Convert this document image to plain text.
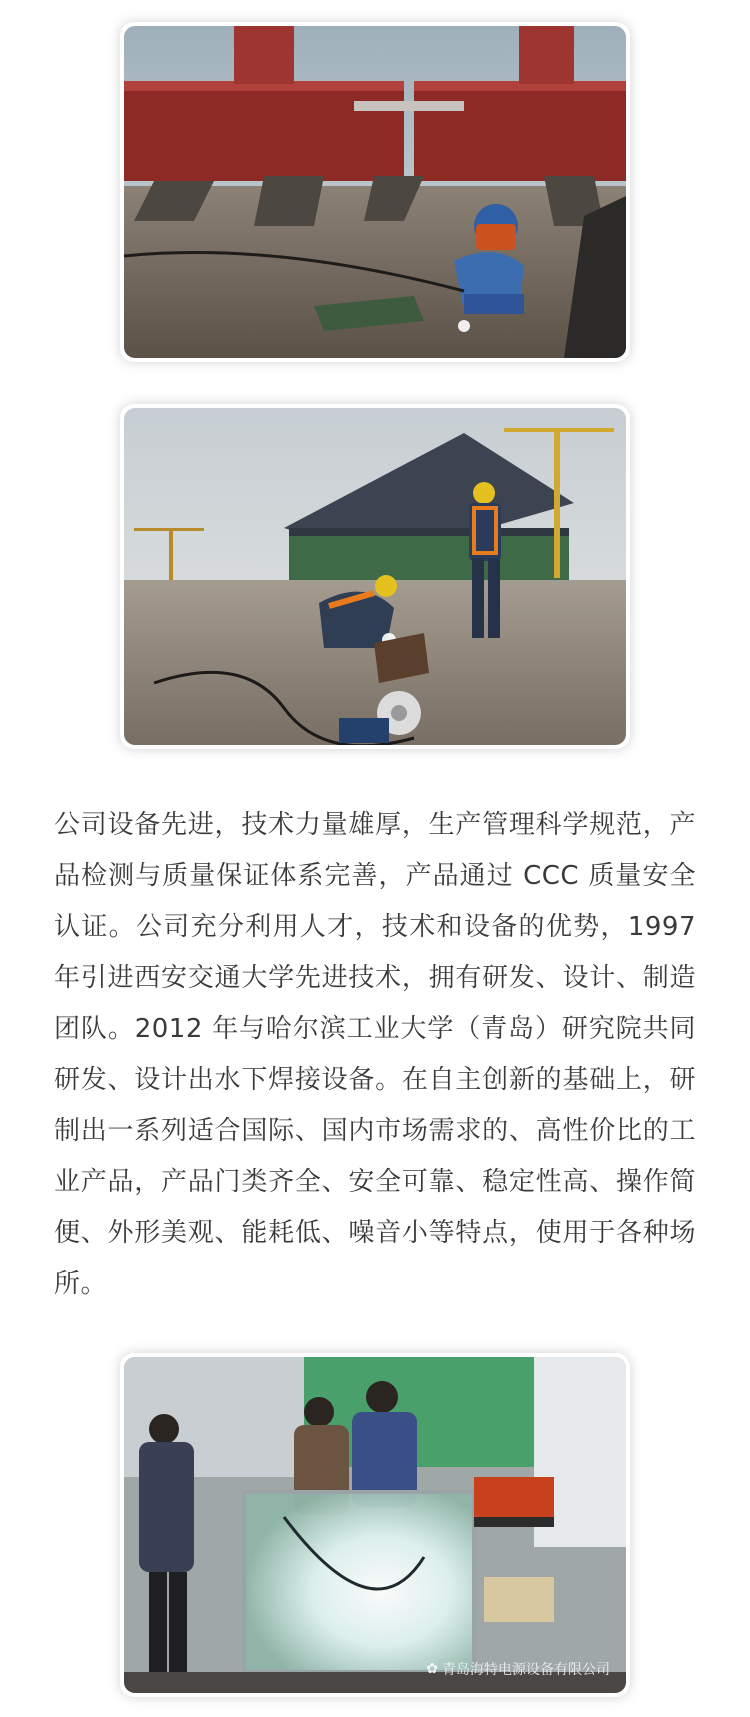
公司设备先进，技术力量雄厚，生产管理科学规范，产品检测与质量保证体系完善，产品通过 CCC 质量安全认证。公司充分利用人才，技术和设备的优势，1997 年引进西安交通大学先进技术，拥有研发、设计、制造团队。2012 年与哈尔滨工业大学（青岛）研究院共同研发、设计出水下焊接设备。在自主创新的基础上，研制出一系列适合国际、国内市场需求的、高性价比的工业产品，产品门类齐全、安全可靠、稳定性高、操作简便、外形美观、能耗低、噪音小等特点，使用于各种场所。

✿ 青岛海特电源设备有限公司
